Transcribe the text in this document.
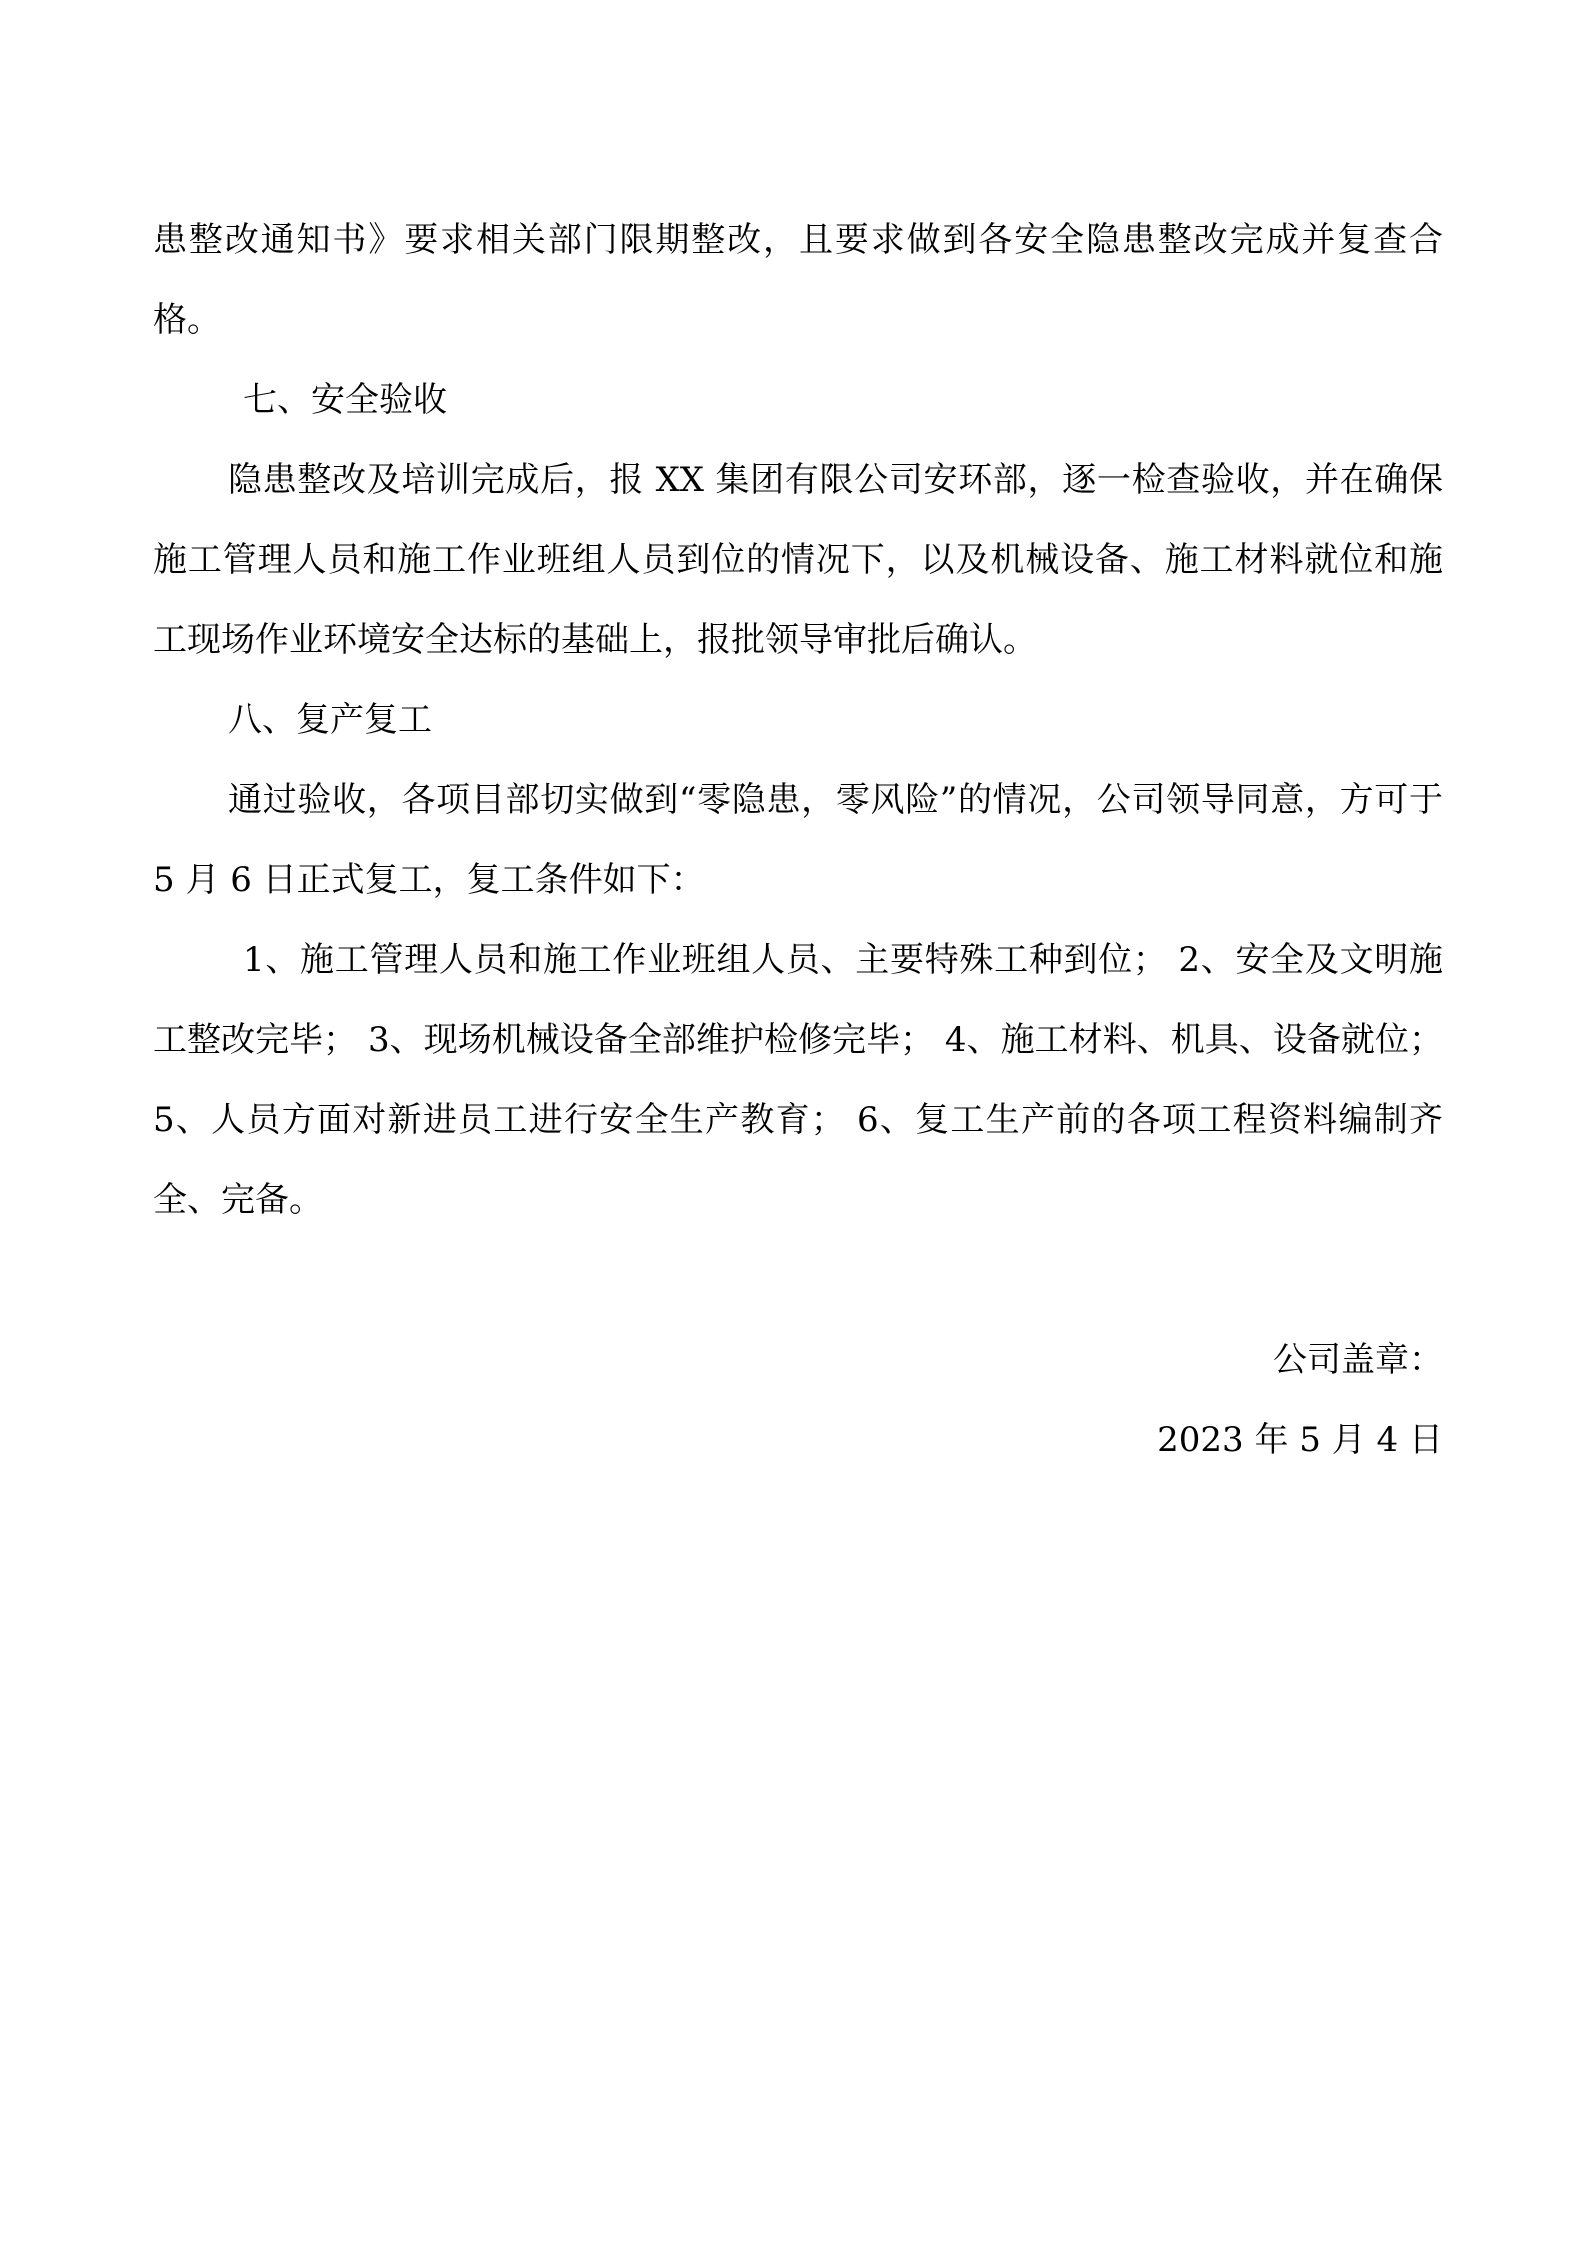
患整改通知书》要求相关部门限期整改，且要求做到各安全隐患整改完成并复查合格。

七、安全验收

隐患整改及培训完成后，报 XX 集团有限公司安环部，逐一检查验收，并在确保施工管理人员和施工作业班组人员到位的情况下，以及机械设备、施工材料就位和施工现场作业环境安全达标的基础上，报批领导审批后确认。

八、复产复工

通过验收，各项目部切实做到“零隐患，零风险”的情况，公司领导同意，方可于 5 月 6 日正式复工，复工条件如下：

1、施工管理人员和施工作业班组人员、主要特殊工种到位； 2、安全及文明施工整改完毕； 3、现场机械设备全部维护检修完毕； 4、施工材料、机具、设备就位； 5、人员方面对新进员工进行安全生产教育； 6、复工生产前的各项工程资料编制齐全、完备。

公司盖章：

2023 年 5 月 4 日
